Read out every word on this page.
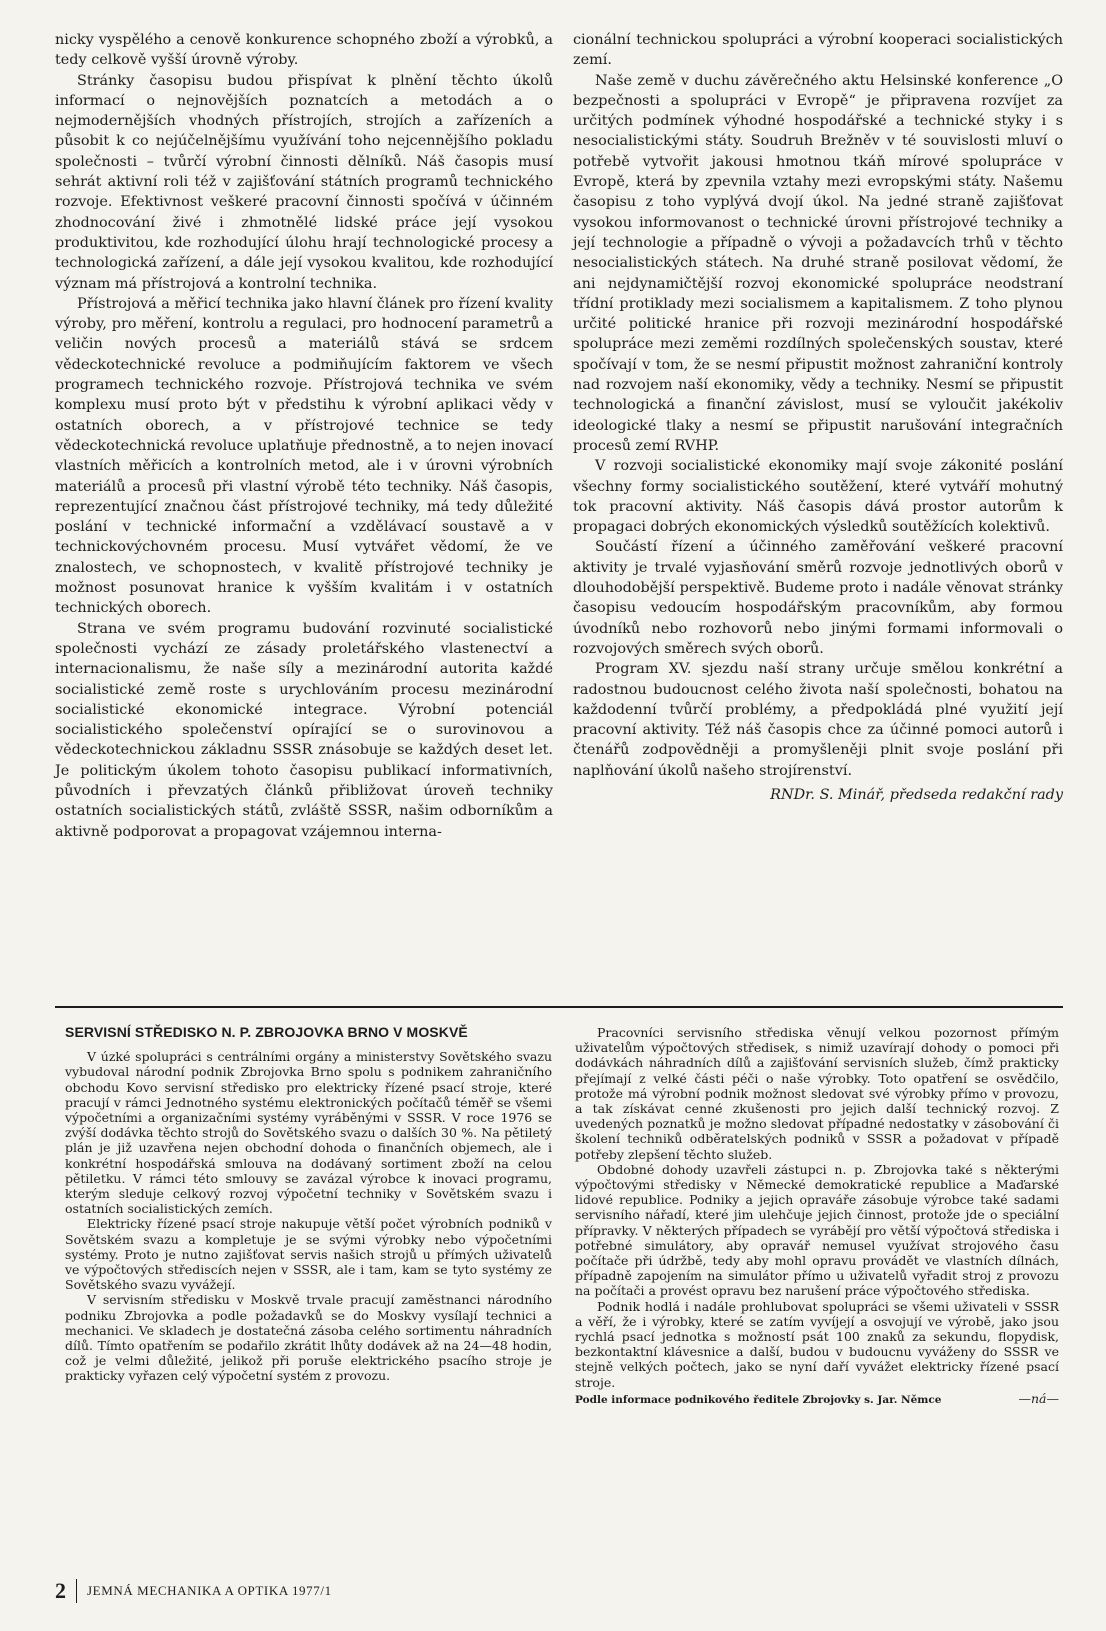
nicky vyspělého a cenově konkurence schopného zboží a výrobků, a tedy celkově vyšší úrovně výroby.

Stránky časopisu budou přispívat k plnění těchto úkolů informací o nejnovějších poznatcích a metodách a o nejmodernějších vhodných přístrojích, strojích a zařízeních a působit k co nejúčelnějšímu využívání toho nejcennějšího pokladu společnosti – tvůrčí výrobní činnosti dělníků. Náš časopis musí sehrát aktivní roli též v zajišťování státních programů technického rozvoje. Efektivnost veškeré pracovní činnosti spočívá v účinném zhodnocování živé i zhmotnělé lidské práce její vysokou produktivitou, kde rozhodující úlohu hrají technologické procesy a technologická zařízení, a dále její vysokou kvalitou, kde rozhodující význam má přístrojová a kontrolní technika.

Přístrojová a měřicí technika jako hlavní článek pro řízení kvality výroby, pro měření, kontrolu a regulaci, pro hodnocení parametrů a veličin nových procesů a materiálů stává se srdcem vědeckotechnické revoluce a podmiňujícím faktorem ve všech programech technického rozvoje. Přístrojová technika ve svém komplexu musí proto být v předstihu k výrobní aplikaci vědy v ostatních oborech, a v přístrojové technice se tedy vědeckotechnická revoluce uplatňuje přednostně, a to nejen inovací vlastních měřicích a kontrolních metod, ale i v úrovni výrobních materiálů a procesů při vlastní výrobě této techniky. Náš časopis, reprezentující značnou část přístrojové techniky, má tedy důležité poslání v technické informační a vzdělávací soustavě a v technickovýchovném procesu. Musí vytvářet vědomí, že ve znalostech, ve schopnostech, v kvalitě přístrojové techniky je možnost posunovat hranice k vyšším kvalitám i v ostatních technických oborech.

Strana ve svém programu budování rozvinuté socialistické společnosti vychází ze zásady proletářského vlastenectví a internacionalismu, že naše síly a mezinárodní autorita každé socialistické země roste s urychlováním procesu mezinárodní socialistické ekonomické integrace. Výrobní potenciál socialistického společenství opírající se o surovinovou a vědeckotechnickou základnu SSSR znásobuje se každých deset let. Je politickým úkolem tohoto časopisu publikací informativních, původních i převzatých článků přibližovat úroveň techniky ostatních socialistických států, zvláště SSSR, našim odborníkům a aktivně podporovat a propagovat vzájemnou interna-

cionální technickou spolupráci a výrobní kooperaci socialistických zemí.

Naše země v duchu závěrečného aktu Helsinské konference „O bezpečnosti a spolupráci v Evropě“ je připravena rozvíjet za určitých podmínek výhodné hospodářské a technické styky i s nesocialistickými státy. Soudruh Brežněv v té souvislosti mluví o potřebě vytvořit jakousi hmotnou tkáň mírové spolupráce v Evropě, která by zpevnila vztahy mezi evropskými státy. Našemu časopisu z toho vyplývá dvojí úkol. Na jedné straně zajišťovat vysokou informovanost o technické úrovni přístrojové techniky a její technologie a případně o vývoji a požadavcích trhů v těchto nesocialistických státech. Na druhé straně posilovat vědomí, že ani nejdynamičtější rozvoj ekonomické spolupráce neodstraní třídní protiklady mezi socialismem a kapitalismem. Z toho plynou určité politické hranice při rozvoji mezinárodní hospodářské spolupráce mezi zeměmi rozdílných společenských soustav, které spočívají v tom, že se nesmí připustit možnost zahraniční kontroly nad rozvojem naší ekonomiky, vědy a techniky. Nesmí se připustit technologická a finanční závislost, musí se vyloučit jakékoliv ideologické tlaky a nesmí se připustit narušování integračních procesů zemí RVHP.

V rozvoji socialistické ekonomiky mají svoje zákonité poslání všechny formy socialistického soutěžení, které vytváří mohutný tok pracovní aktivity. Náš časopis dává prostor autorům k propagaci dobrých ekonomických výsledků soutěžících kolektivů.

Součástí řízení a účinného zaměřování veškeré pracovní aktivity je trvalé vyjasňování směrů rozvoje jednotlivých oborů v dlouhodobější perspektivě. Budeme proto i nadále věnovat stránky časopisu vedoucím hospodářským pracovníkům, aby formou úvodníků nebo rozhovorů nebo jinými formami informovali o rozvojových směrech svých oborů.

Program XV. sjezdu naší strany určuje smělou konkrétní a radostnou budoucnost celého života naší společnosti, bohatou na každodenní tvůrčí problémy, a předpokládá plné využití její pracovní aktivity. Též náš časopis chce za účinné pomoci autorů i čtenářů zodpovědněji a promyšleněji plnit svoje poslání při naplňování úkolů našeho strojírenství.

RNDr. S. Minář, předseda redakční rady

SERVISNÍ STŘEDISKO N. P. ZBROJOVKA BRNO V MOSKVĚ

V úzké spolupráci s centrálními orgány a ministerstvy Sovětského svazu vybudoval národní podnik Zbrojovka Brno spolu s podnikem zahraničního obchodu Kovo servisní středisko pro elektricky řízené psací stroje, které pracují v rámci Jednotného systému elektronických počítačů téměř se všemi výpočetními a organizačními systémy vyráběnými v SSSR. V roce 1976 se zvýší dodávka těchto strojů do Sovětského svazu o dalších 30 %. Na pětiletý plán je již uzavřena nejen obchodní dohoda o finančních objemech, ale i konkrétní hospodářská smlouva na dodávaný sortiment zboží na celou pětiletku. V rámci této smlouvy se zavázal výrobce k inovaci programu, kterým sleduje celkový rozvoj výpočetní techniky v Sovětském svazu i ostatních socialistických zemích.

Elektricky řízené psací stroje nakupuje větší počet výrobních podniků v Sovětském svazu a kompletuje je se svými výrobky nebo výpočetními systémy. Proto je nutno zajišťovat servis našich strojů u přímých uživatelů ve výpočtových střediscích nejen v SSSR, ale i tam, kam se tyto systémy ze Sovětského svazu vyvážejí.

V servisním středisku v Moskvě trvale pracují zaměstnanci národního podniku Zbrojovka a podle požadavků se do Moskvy vysílají technici a mechanici. Ve skladech je dostatečná zásoba celého sortimentu náhradních dílů. Tímto opatřením se podařilo zkrátit lhůty dodávek až na 24—48 hodin, což je velmi důležité, jelikož při poruše elektrického psacího stroje je prakticky vyřazen celý výpočetní systém z provozu.

Pracovníci servisního střediska věnují velkou pozornost přímým uživatelům výpočtových středisek, s nimiž uzavírají dohody o pomoci při dodávkách náhradních dílů a zajišťování servisních služeb, čímž prakticky přejímají z velké části péči o naše výrobky. Toto opatření se osvědčilo, protože má výrobní podnik možnost sledovat své výrobky přímo v provozu, a tak získávat cenné zkušenosti pro jejich další technický rozvoj. Z uvedených poznatků je možno sledovat případné nedostatky v zásobování či školení techniků odběratelských podniků v SSSR a požadovat v případě potřeby zlepšení těchto služeb.

Obdobné dohody uzavřeli zástupci n. p. Zbrojovka také s některými výpočtovými středisky v Německé demokratické republice a Maďarské lidové republice. Podniky a jejich opraváře zásobuje výrobce také sadami servisního nářadí, které jim ulehčuje jejich činnost, protože jde o speciální přípravky. V některých případech se vyrábějí pro větší výpočtová střediska i potřebné simulátory, aby opravář nemusel využívat strojového času počítače při údržbě, tedy aby mohl opravu provádět ve vlastních dílnách, případně zapojením na simulátor přímo u uživatelů vyřadit stroj z provozu na počítači a provést opravu bez narušení práce výpočtového střediska.

Podnik hodlá i nadále prohlubovat spolupráci se všemi uživateli v SSSR a věří, že i výrobky, které se zatím vyvíjejí a osvojují ve výrobě, jako jsou rychlá psací jednotka s možností psát 100 znaků za sekundu, flopydisk, bezkontaktní klávesnice a další, budou v budoucnu vyváženy do SSSR ve stejně velkých počtech, jako se nyní daří vyvážet elektricky řízené psací stroje.

Podle informace podnikového ředitele Zbrojovky s. Jar. Němce	—ná—

2 JEMNÁ MECHANIKA A OPTIKA 1977/1
